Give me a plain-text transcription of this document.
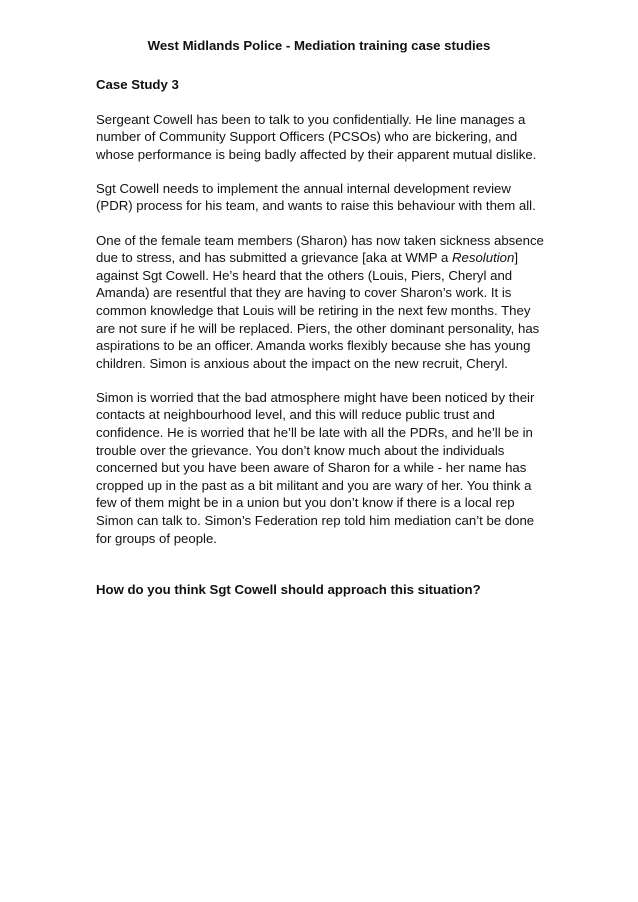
West Midlands Police - Mediation training case studies
Case Study 3
Sergeant Cowell has been to talk to you confidentially. He line manages a
number of Community Support Officers (PCSOs) who are bickering, and
whose performance is being badly affected by their apparent mutual dislike.
Sgt Cowell needs to implement the annual internal development review
(PDR) process for his team, and wants to raise this behaviour with them all.
One of the female team members (Sharon) has now taken sickness absence
due to stress, and has submitted a grievance [aka at WMP a Resolution]
against Sgt Cowell. He’s heard that the others (Louis, Piers, Cheryl and
Amanda) are resentful that they are having to cover Sharon’s work. It is
common knowledge that Louis will be retiring in the next few months. They
are not sure if he will be replaced. Piers, the other dominant personality, has
aspirations to be an officer. Amanda works flexibly because she has young
children. Simon is anxious about the impact on the new recruit, Cheryl.
Simon is worried that the bad atmosphere might have been noticed by their
contacts at neighbourhood level, and this will reduce public trust and
confidence. He is worried that he’ll be late with all the PDRs, and he’ll be in
trouble over the grievance. You don’t know much about the individuals
concerned but you have been aware of Sharon for a while - her name has
cropped up in the past as a bit militant and you are wary of her. You think a
few of them might be in a union but you don’t know if there is a local rep
Simon can talk to. Simon’s Federation rep told him mediation can’t be done
for groups of people.
How do you think Sgt Cowell should approach this situation?
